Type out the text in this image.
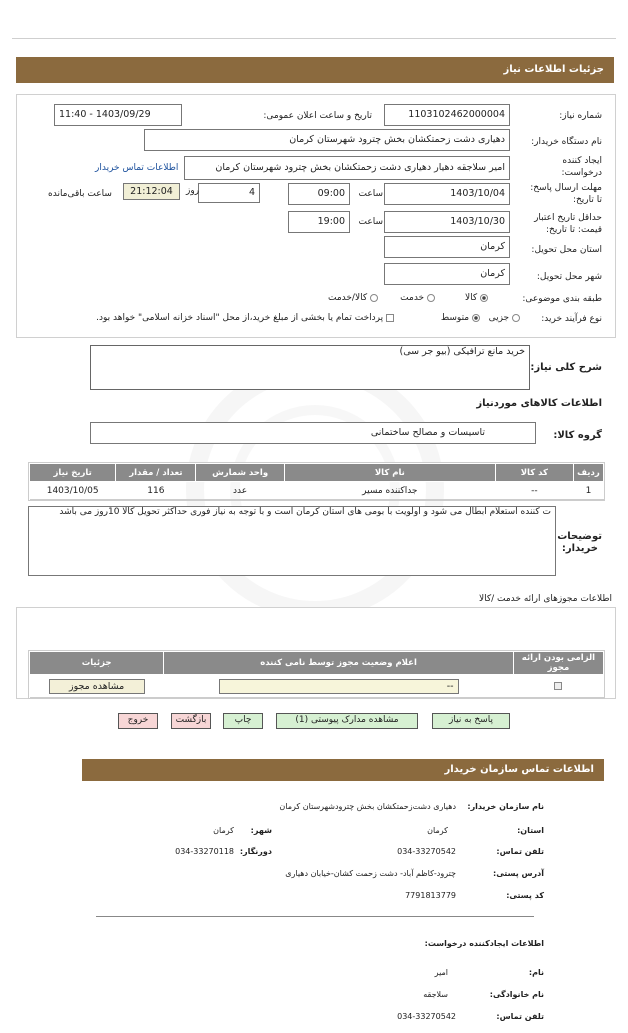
جزئیات اطلاعات نیاز
شماره نیاز:
1103102462000004
تاریخ و ساعت اعلان عمومی:
1403/09/29 - 11:40
نام دستگاه خریدار:
دهیاری دشت زحمتکشان بخش چترود شهرستان کرمان
ایجاد کننده
درخواست:
امیر سلاجقه دهیار دهیاری دشت زحمتکشان بخش چترود شهرستان کرمان
اطلاعات تماس خریدار
مهلت ارسال پاسخ:
تا تاریخ:
1403/10/04
ساعت
09:00
4
روز
21:12:04
ساعت باقی‌مانده
حداقل تاریخ اعتبار
قیمت: تا تاریخ:
1403/10/30
ساعت
19:00
استان محل تحویل:
کرمان
شهر محل تحویل:
کرمان
طبقه بندی موضوعی:
کالا
خدمت
کالا/خدمت
نوع فرآیند خرید:
جزیی
متوسط
پرداخت تمام یا بخشی از مبلغ خرید،از محل "اسناد خزانه اسلامی" خواهد بود.
شرح کلی نیاز:
خرید مانع ترافیکی (بیو جر سی)
اطلاعات کالاهای موردنیاز
گروه کالا:
تاسیسات و مصالح ساختمانی
ردیف	کد کالا	نام کالا	واحد شمارش	تعداد / مقدار	تاریخ نیاز
1	--	جداکننده مسیر	عدد	116	1403/10/05
توضیحات
خریدار:
ت کننده استعلام ابطال می شود و اولویت با بومی های استان کرمان است و با توجه به نیاز فوری حداکثر تحویل کالا 10روز می باشد
اطلاعات مجوزهای ارائه خدمت /کالا
الزامی بودن ارائه مجوز	اعلام وضعیت مجوز توسط نامی کننده	جزئیات

	--	مشاهده مجوز
پاسخ به نیاز
مشاهده مدارک پیوستی (1)
چاپ
بازگشت
خروج
اطلاعات تماس سازمان خریدار
نام سازمان خریدار:
دهیاری دشت‌زحمتکشان بخش چترود‌شهرستان کرمان
استان:
کرمان
شهر:
کرمان
تلفن تماس:
034-33270542
دورنگار:
034-33270118
آدرس پستی:
چترود-کاظم آباد- دشت زحمت کشان-خیابان دهیاری
کد پستی:
7791813779
اطلاعات ایجادکننده درخواست:
نام:
امیر
نام خانوادگی:
سلاجقه
تلفن تماس:
034-33270542
